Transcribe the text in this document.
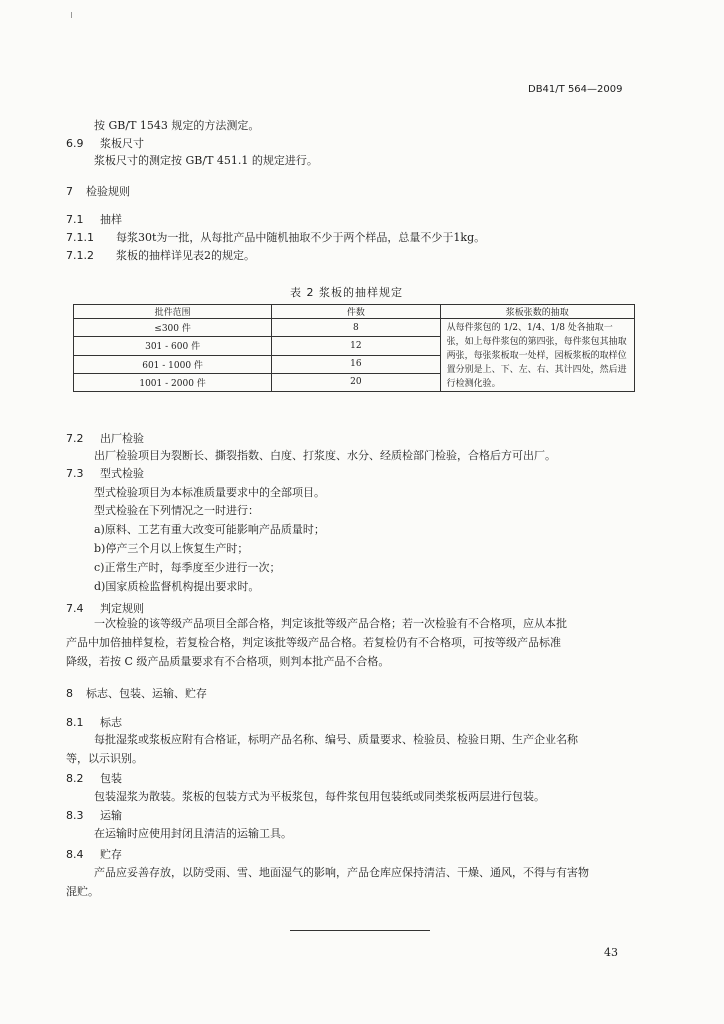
DB41/T 564—2009
按 GB/T 1543 规定的方法测定。
6.9 浆板尺寸
浆板尺寸的测定按 GB/T 451.1 的规定进行。
7 检验规则
7.1 抽样
7.1.1 每浆30t为一批，从每批产品中随机抽取不少于两个样品，总量不少于1kg。
7.1.2 浆板的抽样详见表2的规定。
表 2 浆板的抽样规定
批件范围	件数	浆板张数的抽取
≤300 件	8	从每件浆包的 1/2、1/4、1/8 处各抽取一张，如上每件浆包的第四张，每件浆包其抽取两张，每张浆板取一处样，园板浆板的取样位置分别是上、下、左、右、其计四处，然后进行检测化验。
301 - 600 件	12	
601 - 1000 件	16	
1001 - 2000 件	20	
7.2 出厂检验
出厂检验项目为裂断长、撕裂指数、白度、打浆度、水分、经质检部门检验，合格后方可出厂。
7.3 型式检验
型式检验项目为本标准质量要求中的全部项目。
型式检验在下列情况之一时进行：
a)原料、工艺有重大改变可能影响产品质量时；
b)停产三个月以上恢复生产时；
c)正常生产时，每季度至少进行一次；
d)国家质检监督机构提出要求时。
7.4 判定规则
一次检验的该等级产品项目全部合格，判定该批等级产品合格；若一次检验有不合格项，应从本批
产品中加倍抽样复检，若复检合格，判定该批等级产品合格。若复检仍有不合格项，可按等级产品标准
降级，若按 C 级产品质量要求有不合格项，则判本批产品不合格。
8 标志、包装、运输、贮存
8.1 标志
每批湿浆或浆板应附有合格证，标明产品名称、编号、质量要求、检验员、检验日期、生产企业名称
等，以示识别。
8.2 包装
包装湿浆为散装。浆板的包装方式为平板浆包，每件浆包用包装纸或同类浆板两层进行包装。
8.3 运输
在运输时应使用封闭且清洁的运输工具。
8.4 贮存
产品应妥善存放，以防受雨、雪、地面湿气的影响，产品仓库应保持清洁、干燥、通风，不得与有害物
混贮。
43
